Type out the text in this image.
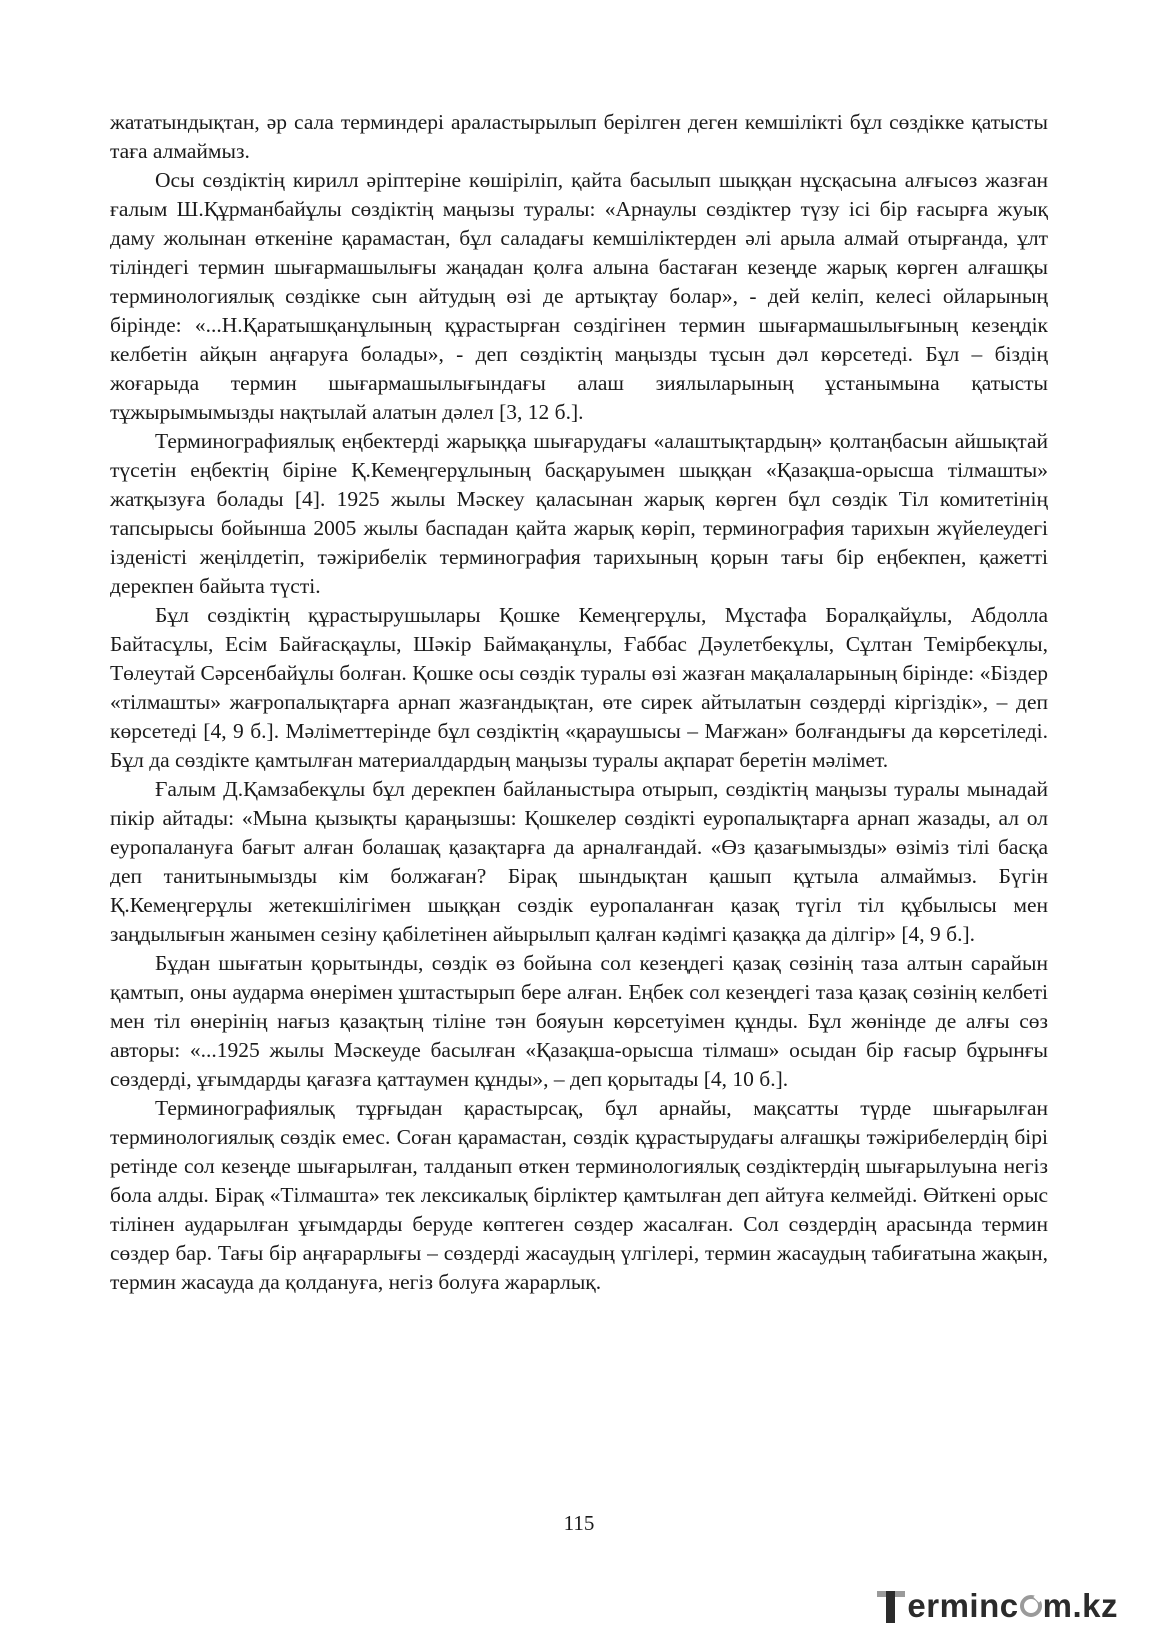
жататындықтан, әр сала терминдері араластырылып берілген деген кемшілікті бұл сөздікке қатысты таға алмаймыз.

Осы сөздіктің кирилл әріптеріне көшіріліп, қайта басылып шыққан нұсқасына алғысөз жазған ғалым Ш.Құрманбайұлы сөздіктің маңызы туралы: «Арнаулы сөздіктер түзу ісі бір ғасырға жуық даму жолынан өткеніне қарамастан, бұл саладағы кемшіліктерден әлі арыла алмай отырғанда, ұлт тіліндегі термин шығармашылығы жаңадан қолға алына бастаған кезеңде жарық көрген алғашқы терминологиялық сөздікке сын айтудың өзі де артықтау болар», - дей келіп, келесі ойларының бірінде: «...Н.Қаратышқанұлының құрастырған сөздігінен термин шығармашылығының кезеңдік келбетін айқын аңғаруға болады», - деп сөздіктің маңызды тұсын дәл көрсетеді. Бұл – біздің жоғарыда термин шығармашылығындағы алаш зиялыларының ұстанымына қатысты тұжырымымызды нақтылай алатын дәлел [3, 12 б.].

Терминографиялық еңбектерді жарыққа шығарудағы «алаштықтардың» қолтаңбасын айшықтай түсетін еңбектің біріне Қ.Кемеңгерұлының басқаруымен шыққан «Қазақша-орысша тілмашты» жатқызуға болады [4]. 1925 жылы Мәскеу қаласынан жарық көрген бұл сөздік Тіл комитетінің тапсырысы бойынша 2005 жылы баспадан қайта жарық көріп, терминография тарихын жүйелеудегі ізденісті жеңілдетіп, тәжірибелік терминография тарихының қорын тағы бір еңбекпен, қажетті дерекпен байыта түсті.

Бұл сөздіктің құрастырушылары Қошке Кемеңгерұлы, Мұстафа Боралқайұлы, Абдолла Байтасұлы, Есім Байғасқаұлы, Шәкір Баймақанұлы, Ғаббас Дәулетбекұлы, Сұлтан Темірбекұлы, Төлеутай Сәрсенбайұлы болған. Қошке осы сөздік туралы өзі жазған мақалаларының бірінде: «Біздер «тілмашты» жағропалықтарға арнап жазғандықтан, өте сирек айтылатын сөздерді кіргіздік», – деп көрсетеді [4, 9 б.]. Мәліметтерінде бұл сөздіктің «қараушысы – Мағжан» болғандығы да көрсетіледі. Бұл да сөздікте қамтылған материалдардың маңызы туралы ақпарат беретін мәлімет.

Ғалым Д.Қамзабекұлы бұл дерекпен байланыстыра отырып, сөздіктің маңызы туралы мынадай пікір айтады: «Мына қызықты қараңызшы: Қошкелер сөздікті еуропалықтарға арнап жазады, ал ол еуропалануға бағыт алған болашақ қазақтарға да арналғандай. «Өз қазағымызды» өзіміз тілі басқа деп танитынымызды кім болжаған? Бірақ шындықтан қашып құтыла алмаймыз. Бүгін Қ.Кемеңгерұлы жетекшілігімен шыққан сөздік еуропаланған қазақ түгіл тіл құбылысы мен заңдылығын жанымен сезіну қабілетінен айырылып қалған кәдімгі қазаққа да ділгір» [4, 9 б.].

Бұдан шығатын қорытынды, сөздік өз бойына сол кезеңдегі қазақ сөзінің таза алтын сарайын қамтып, оны аударма өнерімен ұштастырып бере алған. Еңбек сол кезеңдегі таза қазақ сөзінің келбеті мен тіл өнерінің нағыз қазақтың тіліне тән бояуын көрсетуімен құнды. Бұл жөнінде де алғы сөз авторы: «...1925 жылы Мәскеуде басылған «Қазақша-орысша тілмаш» осыдан бір ғасыр бұрынғы сөздерді, ұғымдарды қағазға қаттаумен құнды», – деп қорытады [4, 10 б.].

Терминографиялық тұрғыдан қарастырсақ, бұл арнайы, мақсатты түрде шығарылған терминологиялық сөздік емес. Соған қарамастан, сөздік құрастырудағы алғашқы тәжірибелердің бірі ретінде сол кезеңде шығарылған, талданып өткен терминологиялық сөздіктердің шығарылуына негіз бола алды. Бірақ «Тілмашта» тек лексикалық бірліктер қамтылған деп айтуға келмейді. Өйткені орыс тілінен аударылған ұғымдарды беруде көптеген сөздер жасалған. Сол сөздердің арасында термин сөздер бар. Тағы бір аңғарарлығы – сөздерді жасаудың үлгілері, термин жасаудың табиғатына жақын, термин жасауда да қолдануға, негіз болуға жарарлық.

115
ermin c m.kz
